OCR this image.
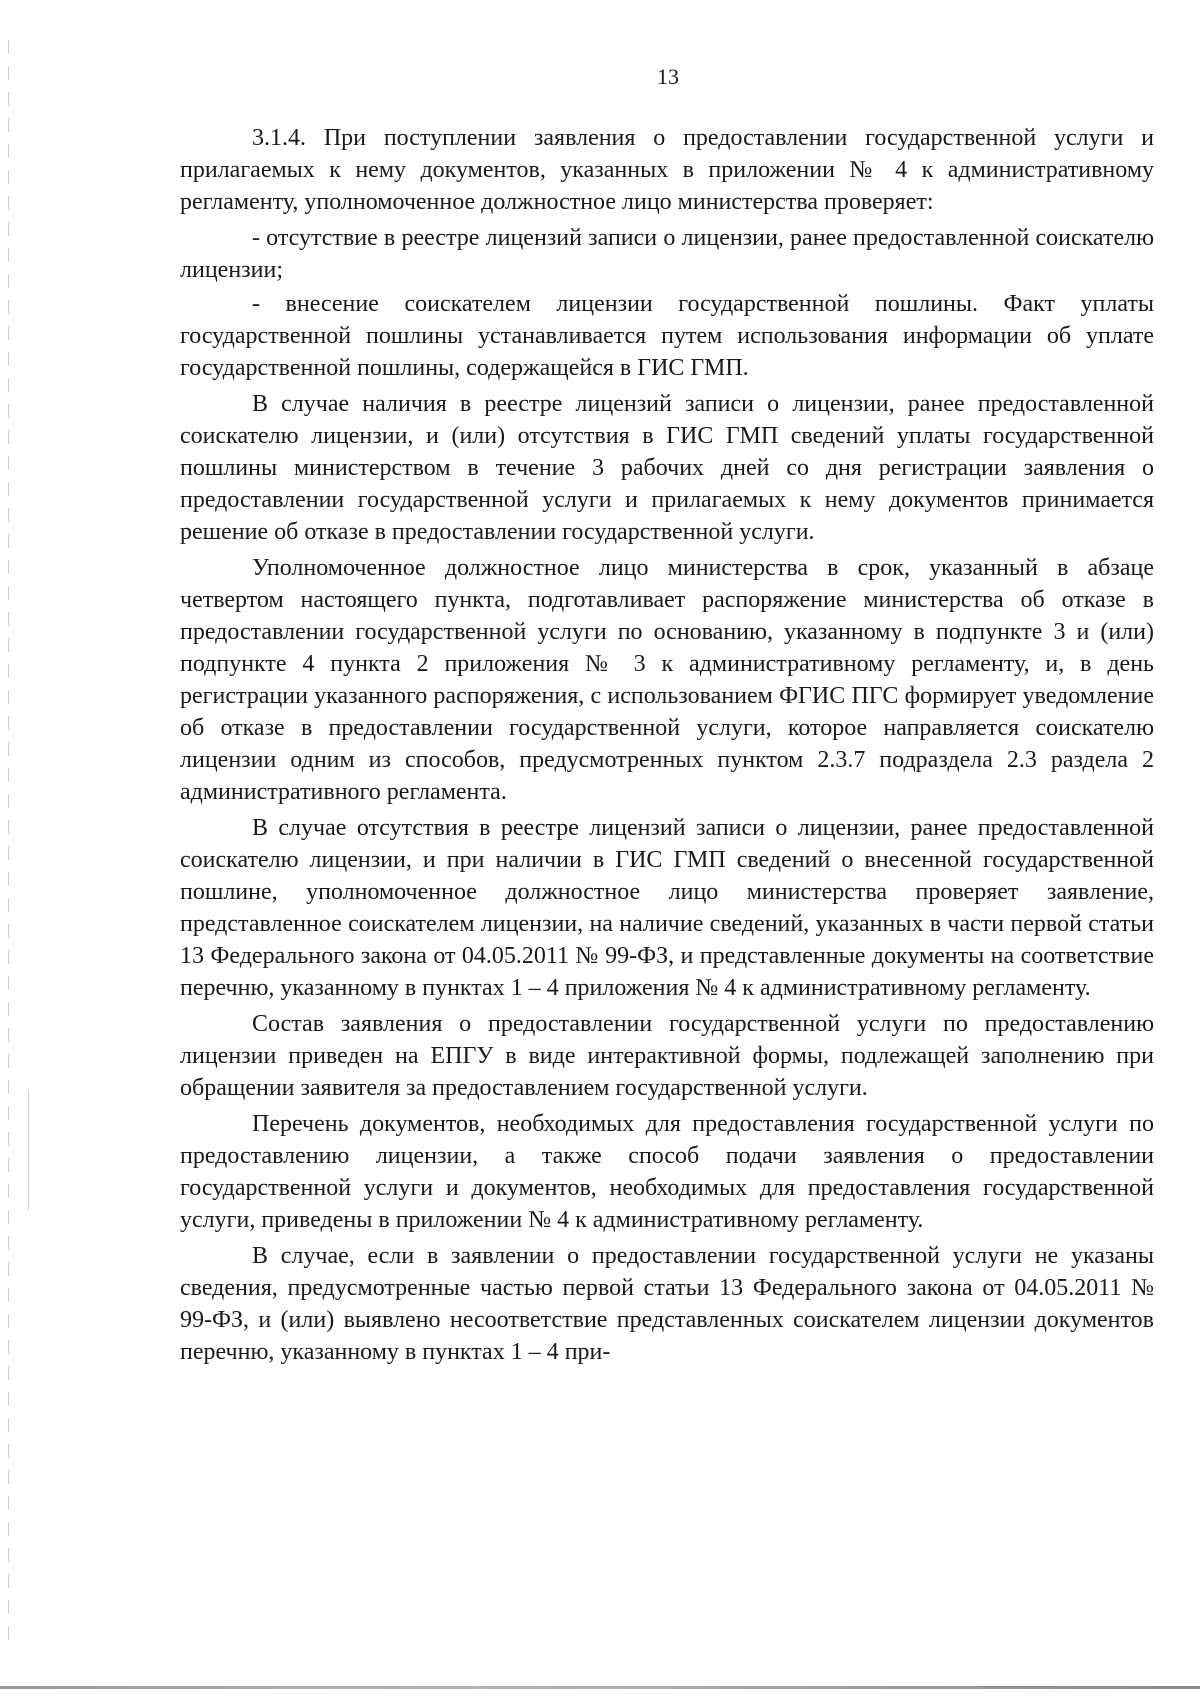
13

3.1.4. При поступлении заявления о предоставлении государственной услуги и прилагаемых к нему документов, указанных в приложении № 4 к административному регламенту, уполномоченное должностное лицо министерства проверяет:

- отсутствие в реестре лицензий записи о лицензии, ранее предоставленной соискателю лицензии;

- внесение соискателем лицензии государственной пошлины. Факт уплаты государственной пошлины устанавливается путем использования информации об уплате государственной пошлины, содержащейся в ГИС ГМП.

В случае наличия в реестре лицензий записи о лицензии, ранее предоставленной соискателю лицензии, и (или) отсутствия в ГИС ГМП сведений уплаты государственной пошлины министерством в течение 3 рабочих дней со дня регистрации заявления о предоставлении государственной услуги и прилагаемых к нему документов принимается решение об отказе в предоставлении государственной услуги.

Уполномоченное должностное лицо министерства в срок, указанный в абзаце четвертом настоящего пункта, подготавливает распоряжение министерства об отказе в предоставлении государственной услуги по основанию, указанному в подпункте 3 и (или) подпункте 4 пункта 2 приложения № 3 к административному регламенту, и, в день регистрации указанного распоряжения, с использованием ФГИС ПГС формирует уведомление об отказе в предоставлении государственной услуги, которое направляется соискателю лицензии одним из способов, предусмотренных пунктом 2.3.7 подраздела 2.3 раздела 2 административного регламента.

В случае отсутствия в реестре лицензий записи о лицензии, ранее предоставленной соискателю лицензии, и при наличии в ГИС ГМП сведений о внесенной государственной пошлине, уполномоченное должностное лицо министерства проверяет заявление, представленное соискателем лицензии, на наличие сведений, указанных в части первой статьи 13 Федерального закона от 04.05.2011 № 99-ФЗ, и представленные документы на соответствие перечню, указанному в пунктах 1 – 4 приложения № 4 к административному регламенту.

Состав заявления о предоставлении государственной услуги по предоставлению лицензии приведен на ЕПГУ в виде интерактивной формы, подлежащей заполнению при обращении заявителя за предоставлением государственной услуги.

Перечень документов, необходимых для предоставления государственной услуги по предоставлению лицензии, а также способ подачи заявления о предоставлении государственной услуги и документов, необходимых для предоставления государственной услуги, приведены в приложении № 4 к административному регламенту.

В случае, если в заявлении о предоставлении государственной услуги не указаны сведения, предусмотренные частью первой статьи 13 Федерального закона от 04.05.2011 № 99-ФЗ, и (или) выявлено несоответствие представленных соискателем лицензии документов перечню, указанному в пунктах 1 – 4 при-
